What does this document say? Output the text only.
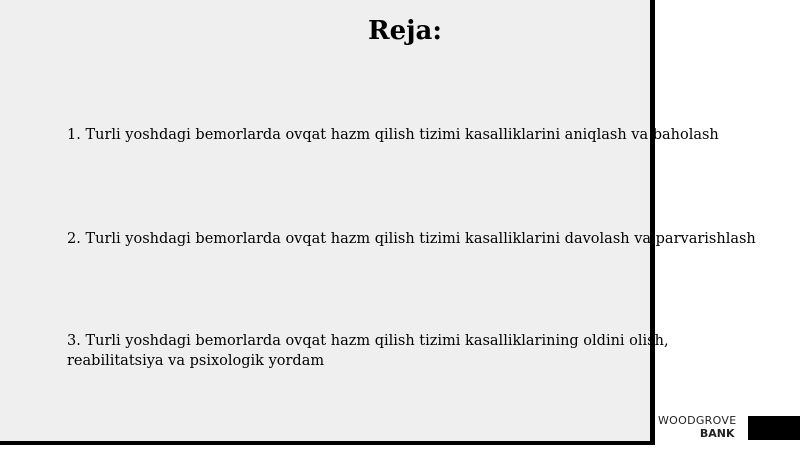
Reja:
1. Turli yoshdagi bemorlarda ovqat hazm qilish tizimi kasalliklarini aniqlash va baholash
2. Turli yoshdagi bemorlarda ovqat hazm qilish tizimi kasalliklarini davolash va parvarishlash
3. Turli yoshdagi bemorlarda ovqat hazm qilish tizimi kasalliklarining oldini olish, reabilitatsiya va psixologik yordam
WOODGROVE
BANK
